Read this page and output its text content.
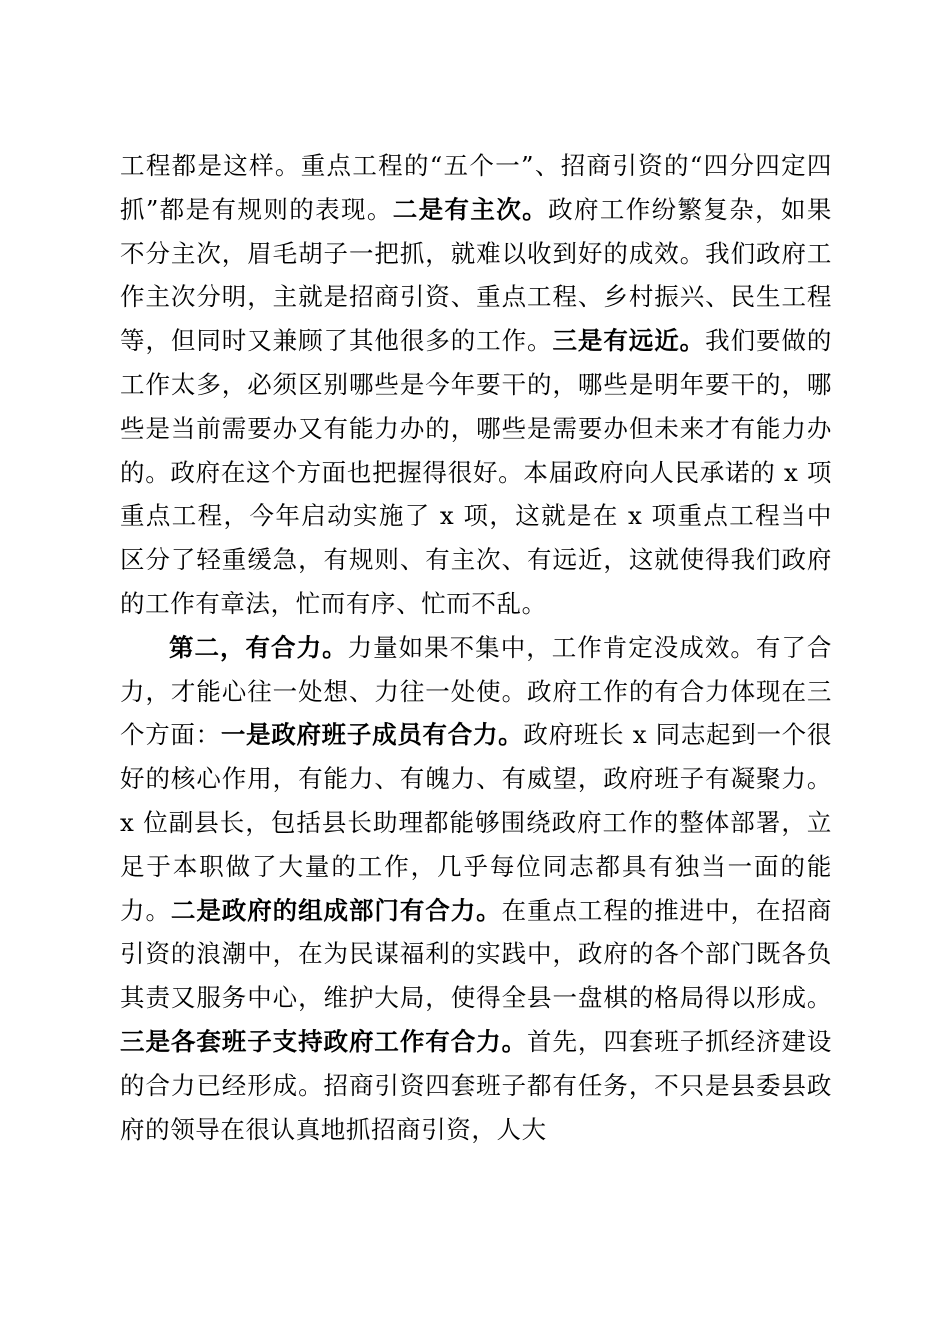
工程都是这样。重点工程的“五个一”、招商引资的“四分四定四抓”都是有规则的表现。二是有主次。政府工作纷繁复杂，如果不分主次，眉毛胡子一把抓，就难以收到好的成效。我们政府工作主次分明，主就是招商引资、重点工程、乡村振兴、民生工程等，但同时又兼顾了其他很多的工作。三是有远近。我们要做的工作太多，必须区别哪些是今年要干的，哪些是明年要干的，哪些是当前需要办又有能力办的，哪些是需要办但未来才有能力办的。政府在这个方面也把握得很好。本届政府向人民承诺的 x 项重点工程，今年启动实施了 x 项，这就是在 x 项重点工程当中区分了轻重缓急，有规则、有主次、有远近，这就使得我们政府的工作有章法，忙而有序、忙而不乱。

第二，有合力。力量如果不集中，工作肯定没成效。有了合力，才能心往一处想、力往一处使。政府工作的有合力体现在三个方面：一是政府班子成员有合力。政府班长 x 同志起到一个很好的核心作用，有能力、有魄力、有威望，政府班子有凝聚力。x 位副县长，包括县长助理都能够围绕政府工作的整体部署，立足于本职做了大量的工作，几乎每位同志都具有独当一面的能力。二是政府的组成部门有合力。在重点工程的推进中，在招商引资的浪潮中，在为民谋福利的实践中，政府的各个部门既各负其责又服务中心，维护大局，使得全县一盘棋的格局得以形成。三是各套班子支持政府工作有合力。首先，四套班子抓经济建设的合力已经形成。招商引资四套班子都有任务，不只是县委县政府的领导在很认真地抓招商引资，人大
